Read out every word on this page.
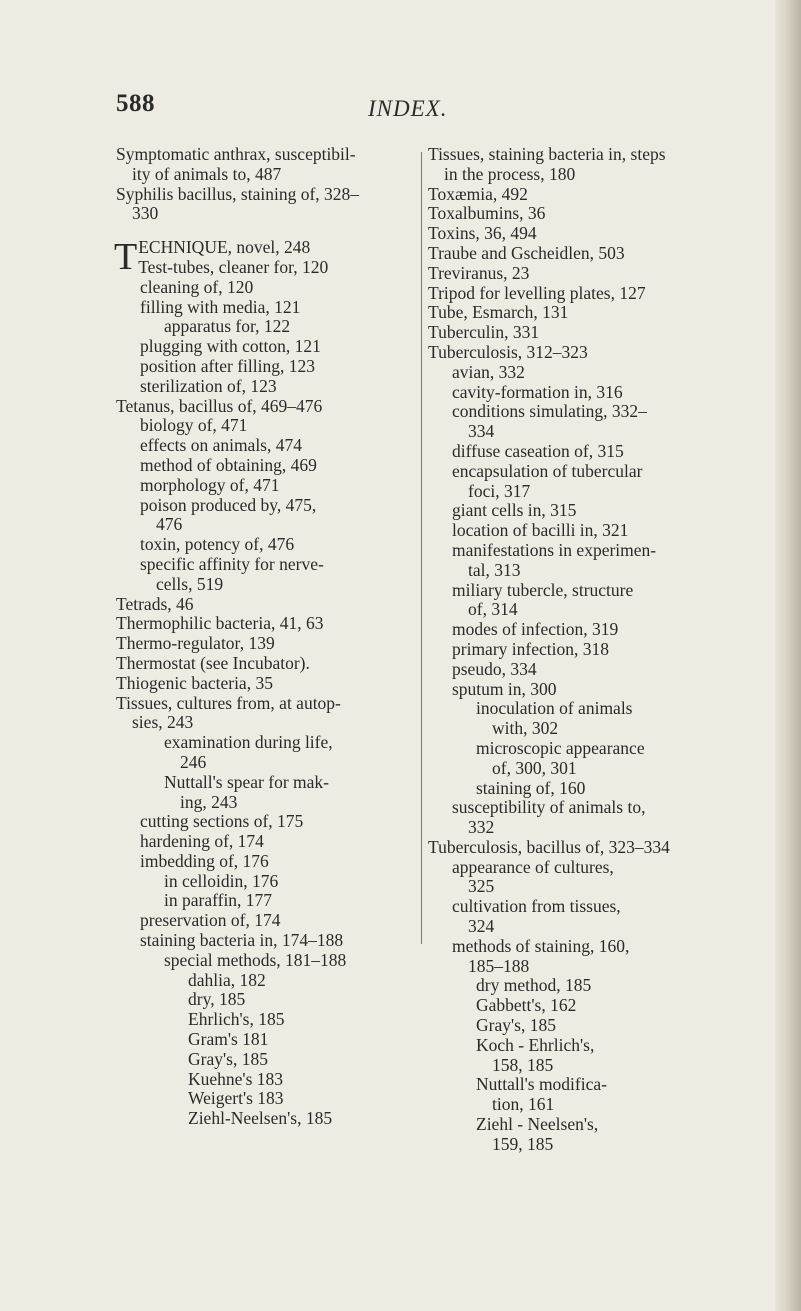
588	INDEX.
Symptomatic anthrax, susceptibil-
ity of animals to, 487
Syphilis bacillus, staining of, 328–
330
T ECHNIQUE, novel, 248
Test-tubes, cleaner for, 120
cleaning of, 120
filling with media, 121
apparatus for, 122
plugging with cotton, 121
position after filling, 123
sterilization of, 123
Tetanus, bacillus of, 469–476
biology of, 471
effects on animals, 474
method of obtaining, 469
morphology of, 471
poison produced by, 475,
476
toxin, potency of, 476
specific affinity for nerve-
cells, 519
Tetrads, 46
Thermophilic bacteria, 41, 63
Thermo-regulator, 139
Thermostat (see Incubator).
Thiogenic bacteria, 35
Tissues, cultures from, at autop-
sies, 243
examination during life,
246
Nuttall's spear for mak-
ing, 243
cutting sections of, 175
hardening of, 174
imbedding of, 176
in celloidin, 176
in paraffin, 177
preservation of, 174
staining bacteria in, 174–188
special methods, 181–188
dahlia, 182
dry, 185
Ehrlich's, 185
Gram's 181
Gray's, 185
Kuehne's 183
Weigert's 183
Ziehl-Neelsen's, 185
Tissues, staining bacteria in, steps
in the process, 180
Toxæmia, 492
Toxalbumins, 36
Toxins, 36, 494
Traube and Gscheidlen, 503
Treviranus, 23
Tripod for levelling plates, 127
Tube, Esmarch, 131
Tuberculin, 331
Tuberculosis, 312–323
avian, 332
cavity-formation in, 316
conditions simulating, 332–
334
diffuse caseation of, 315
encapsulation of tubercular
foci, 317
giant cells in, 315
location of bacilli in, 321
manifestations in experimen-
tal, 313
miliary tubercle, structure
of, 314
modes of infection, 319
primary infection, 318
pseudo, 334
sputum in, 300
inoculation of animals
with, 302
microscopic appearance
of, 300, 301
staining of, 160
susceptibility of animals to,
332
Tuberculosis, bacillus of, 323–334
appearance of cultures,
325
cultivation from tissues,
324
methods of staining, 160,
185–188
dry method, 185
Gabbett's, 162
Gray's, 185
Koch - Ehrlich's,
158, 185
Nuttall's modifica-
tion, 161
Ziehl - Neelsen's,
159, 185
